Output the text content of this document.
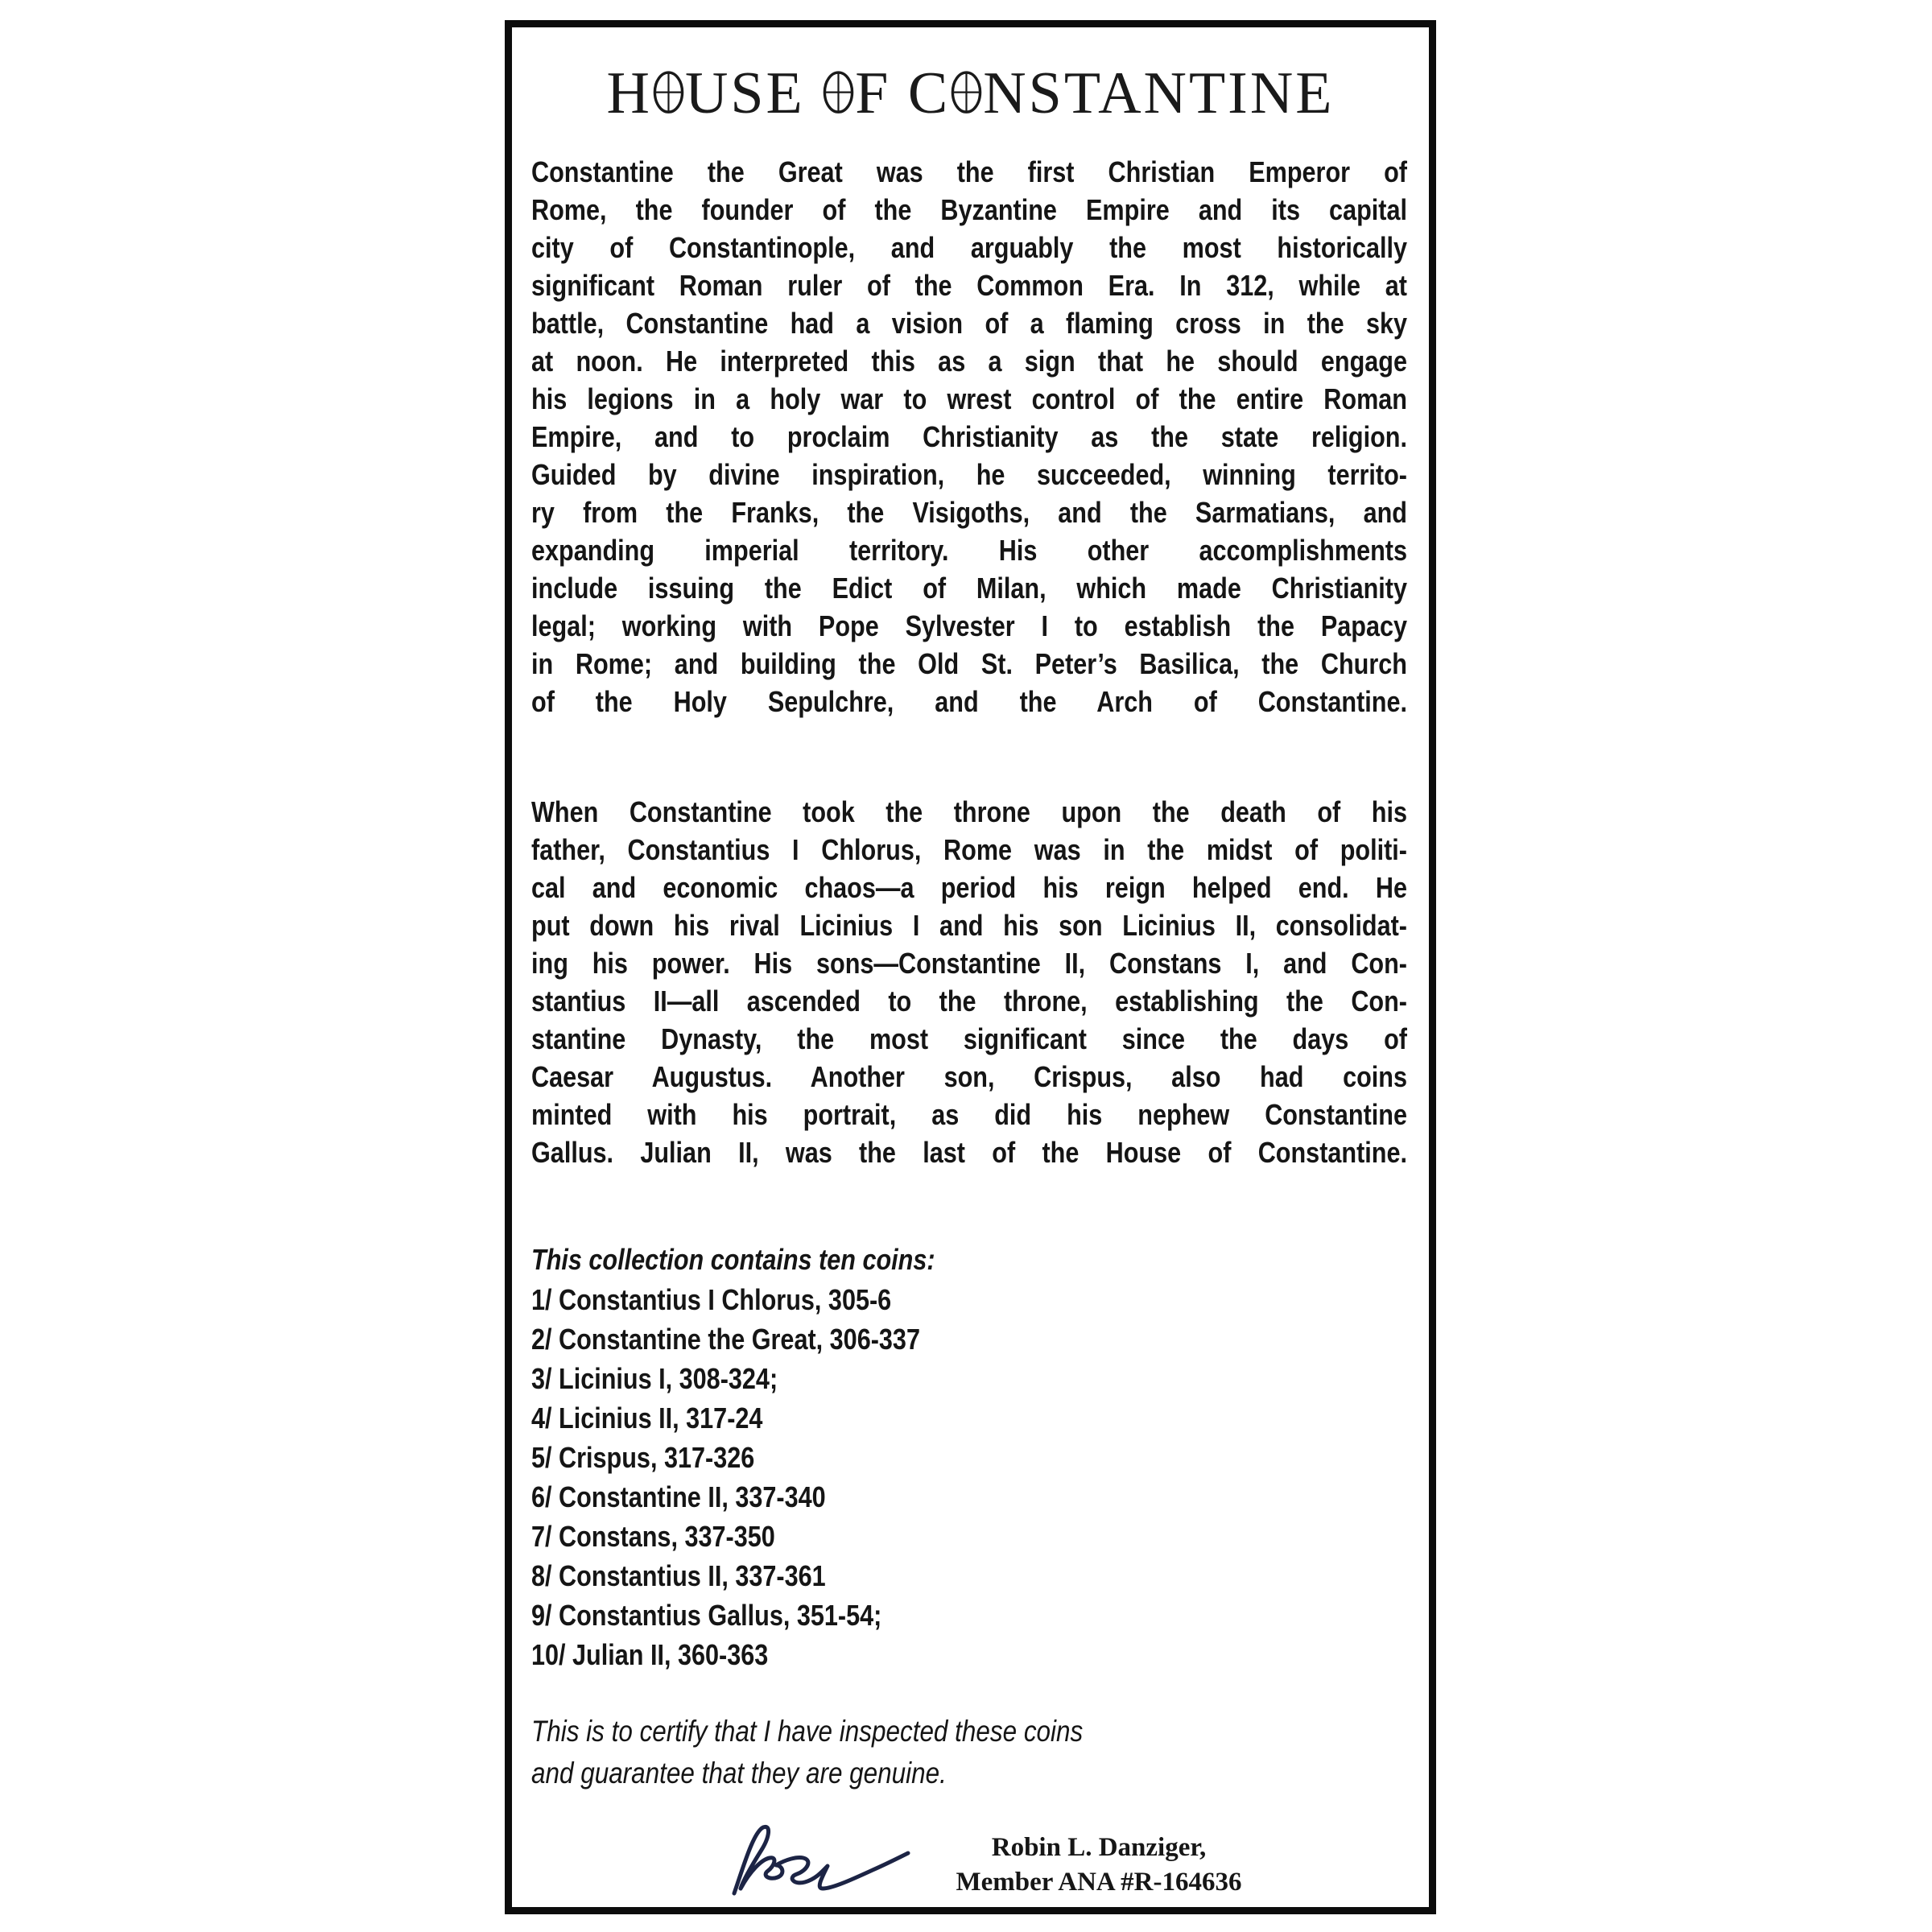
H USE F C NSTANTINE
Constantine the Great was the first Christian Emperor of
Rome, the founder of the Byzantine Empire and its capital
city of Constantinople, and arguably the most historically
significant Roman ruler of the Common Era. In 312, while at
battle, Constantine had a vision of a flaming cross in the sky
at noon. He interpreted this as a sign that he should engage
his legions in a holy war to wrest control of the entire Roman
Empire, and to proclaim Christianity as the state religion.
Guided by divine inspiration, he succeeded, winning territo-
ry from the Franks, the Visigoths, and the Sarmatians, and
expanding imperial territory. His other accomplishments
include issuing the Edict of Milan, which made Christianity
legal; working with Pope Sylvester I to establish the Papacy
in Rome; and building the Old St. Peter’s Basilica, the Church
of the Holy Sepulchre, and the Arch of Constantine.
When Constantine took the throne upon the death of his
father, Constantius I Chlorus, Rome was in the midst of politi-
cal and economic chaos—a period his reign helped end. He
put down his rival Licinius I and his son Licinius II, consolidat-
ing his power. His sons—Constantine II, Constans I, and Con-
stantius II—all ascended to the throne, establishing the Con-
stantine Dynasty, the most significant since the days of
Caesar Augustus. Another son, Crispus, also had coins
minted with his portrait, as did his nephew Constantine
Gallus. Julian II, was the last of the House of Constantine.
This collection contains ten coins:
1/ Constantius I Chlorus, 305-6
2/ Constantine the Great, 306-337
3/ Licinius I, 308-324;
4/ Licinius II, 317-24
5/ Crispus, 317-326
6/ Constantine II, 337-340
7/ Constans, 337-350
8/ Constantius II, 337-361
9/ Constantius Gallus, 351-54;
10/ Julian II, 360-363
This is to certify that I have inspected these coins
and guarantee that they are genuine.
Robin L. Danziger,
Member ANA #R-164636
